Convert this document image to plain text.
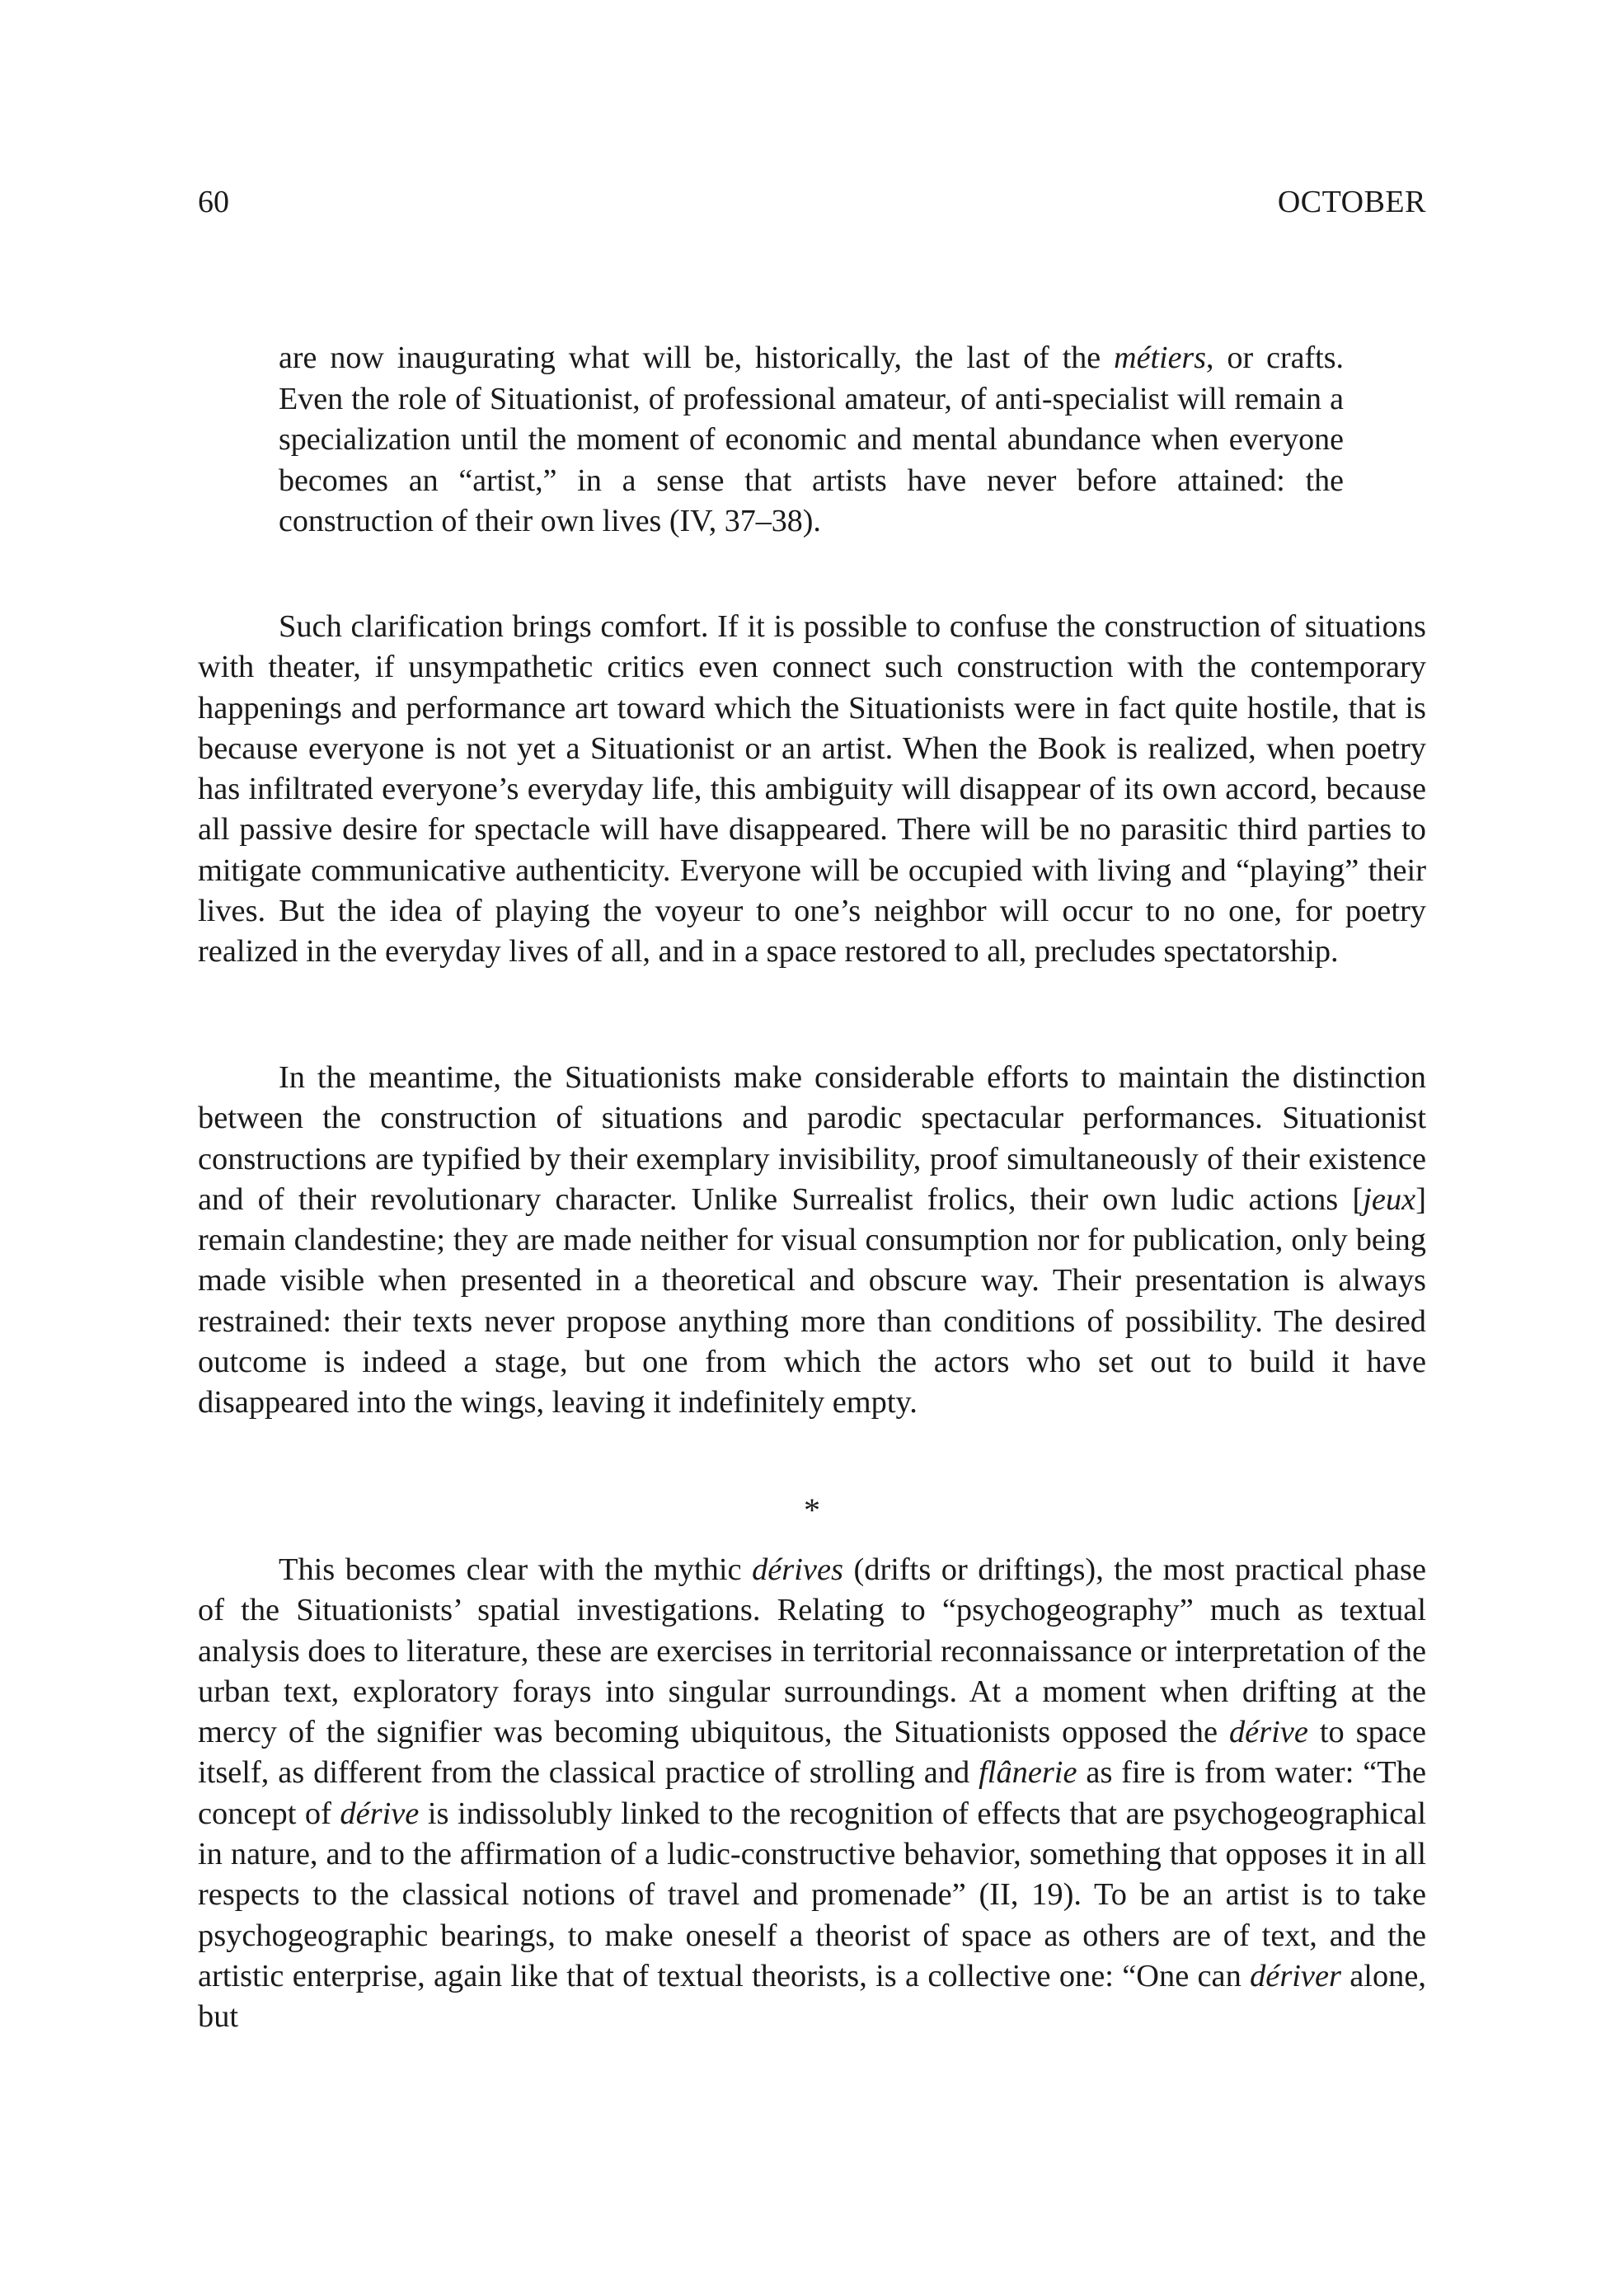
60	OCTOBER

are now inaugurating what will be, historically, the last of the métiers, or crafts. Even the role of Situationist, of professional amateur, of anti-specialist will remain a specialization until the moment of economic and mental abundance when everyone becomes an “artist,” in a sense that artists have never before attained: the construction of their own lives (IV, 37–38).

Such clarification brings comfort. If it is possible to confuse the construction of situations with theater, if unsympathetic critics even connect such construction with the contemporary happenings and performance art toward which the Situationists were in fact quite hostile, that is because everyone is not yet a Situationist or an artist. When the Book is realized, when poetry has infiltrated everyone’s everyday life, this ambiguity will disappear of its own accord, because all passive desire for spectacle will have disappeared. There will be no parasitic third parties to mitigate communicative authenticity. Everyone will be occupied with living and “playing” their lives. But the idea of playing the voyeur to one’s neighbor will occur to no one, for poetry realized in the everyday lives of all, and in a space restored to all, precludes spectatorship.

In the meantime, the Situationists make considerable efforts to maintain the distinction between the construction of situations and parodic spectacular performances. Situationist constructions are typified by their exemplary invisibility, proof simultaneously of their existence and of their revolutionary character. Unlike Surrealist frolics, their own ludic actions [jeux] remain clandestine; they are made neither for visual consumption nor for publication, only being made visible when presented in a theoretical and obscure way. Their presentation is always restrained: their texts never propose anything more than conditions of possibility. The desired outcome is indeed a stage, but one from which the actors who set out to build it have disappeared into the wings, leaving it indefinitely empty.

*

This becomes clear with the mythic dérives (drifts or driftings), the most practical phase of the Situationists’ spatial investigations. Relating to “psychogeography” much as textual analysis does to literature, these are exercises in territorial reconnaissance or interpretation of the urban text, exploratory forays into singular surroundings. At a moment when drifting at the mercy of the signifier was becoming ubiquitous, the Situationists opposed the dérive to space itself, as different from the classical practice of strolling and flânerie as fire is from water: “The concept of dérive is indissolubly linked to the recognition of effects that are psychogeographical in nature, and to the affirmation of a ludic-constructive behavior, something that opposes it in all respects to the classical notions of travel and promenade” (II, 19). To be an artist is to take psychogeographic bearings, to make oneself a theorist of space as others are of text, and the artistic enterprise, again like that of textual theorists, is a collective one: “One can dériver alone, but
